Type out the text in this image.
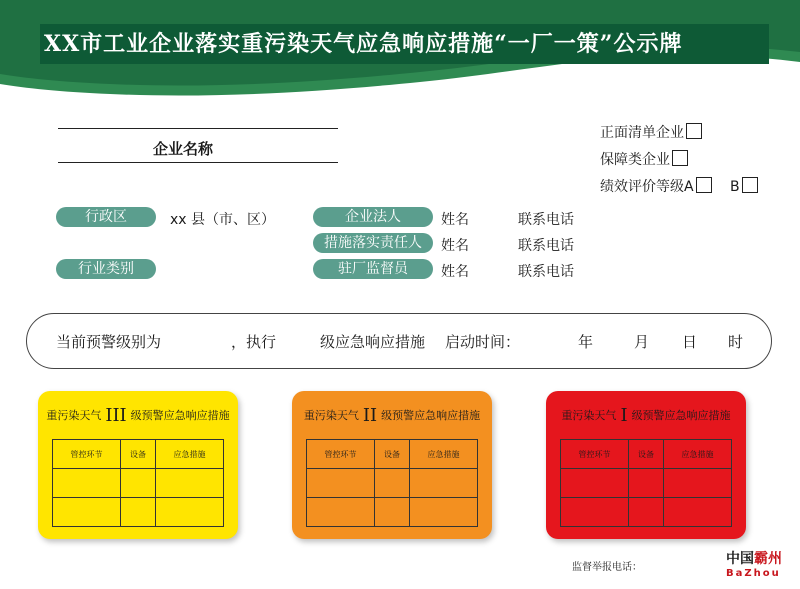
XX市工业企业落实重污染天气应急响应措施“一厂一策”公示牌
企业名称
正面清单企业
保障类企业
绩效评价等级A	B
行政区	xx 县（市、区）
行业类别
企业法人	姓名	联系电话
措施落实责任人	姓名	联系电话
驻厂监督员	姓名	联系电话
当前预警级别为	，执行	级应急响应措施 启动时间：	年	月 日 时
重污染天气 III 级预警应急响应措施
管控环节	设备	应急措施

重污染天气 II 级预警应急响应措施
管控环节	设备	应急措施

重污染天气 I 级预警应急响应措施
管控环节	设备	应急措施

监督举报电话：
中国霸州
BaZhou
